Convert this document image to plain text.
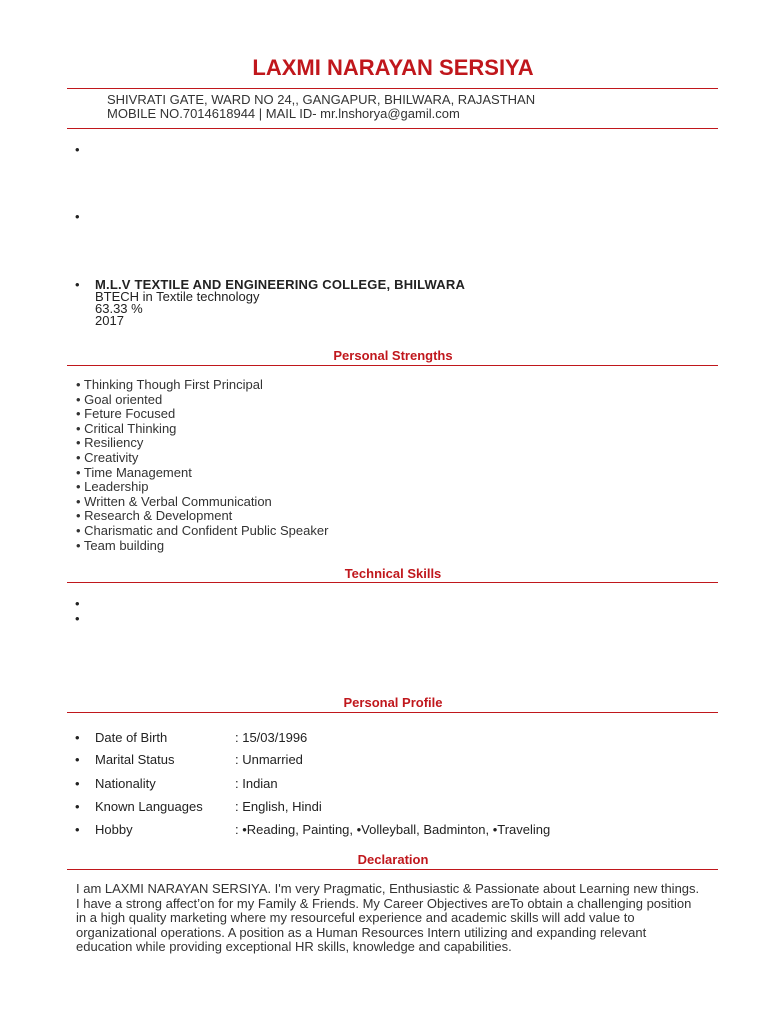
LAXMI NARAYAN SERSIYA
SHIVRATI GATE, WARD NO 24,, GANGAPUR, BHILWARA, RAJASTHAN
MOBILE NO.7014618944 | MAIL ID- mr.lnshorya@gamil.com
•
•
• M.L.V TEXTILE AND ENGINEERING COLLEGE, BHILWARA
BTECH in Textile technology
63.33 %
2017
Personal Strengths
• Thinking Though First Principal
• Goal oriented
• Feture Focused
• Critical Thinking
• Resiliency
• Creativity
• Time Management
• Leadership
• Written & Verbal Communication
• Research & Development
• Charismatic and Confident Public Speaker
• Team building
Technical Skills
•
•
Personal Profile
• Date of Birth	: 15/03/1996
• Marital Status	: Unmarried
• Nationality	: Indian
• Known Languages : English, Hindi
• Hobby	: •Reading, Painting, •Volleyball, Badminton, •Traveling
Declaration
I am LAXMI NARAYAN SERSIYA. I'm very Pragmatic, Enthusiastic & Passionate about Learning new things.
I have a strong affect’on for my Family & Friends. My Career Objectives areTo obtain a challenging position
in a high quality marketing where my resourceful experience and academic skills will add value to
organizational operations. A position as a Human Resources Intern utilizing and expanding relevant
education while providing exceptional HR skills, knowledge and capabilities.
